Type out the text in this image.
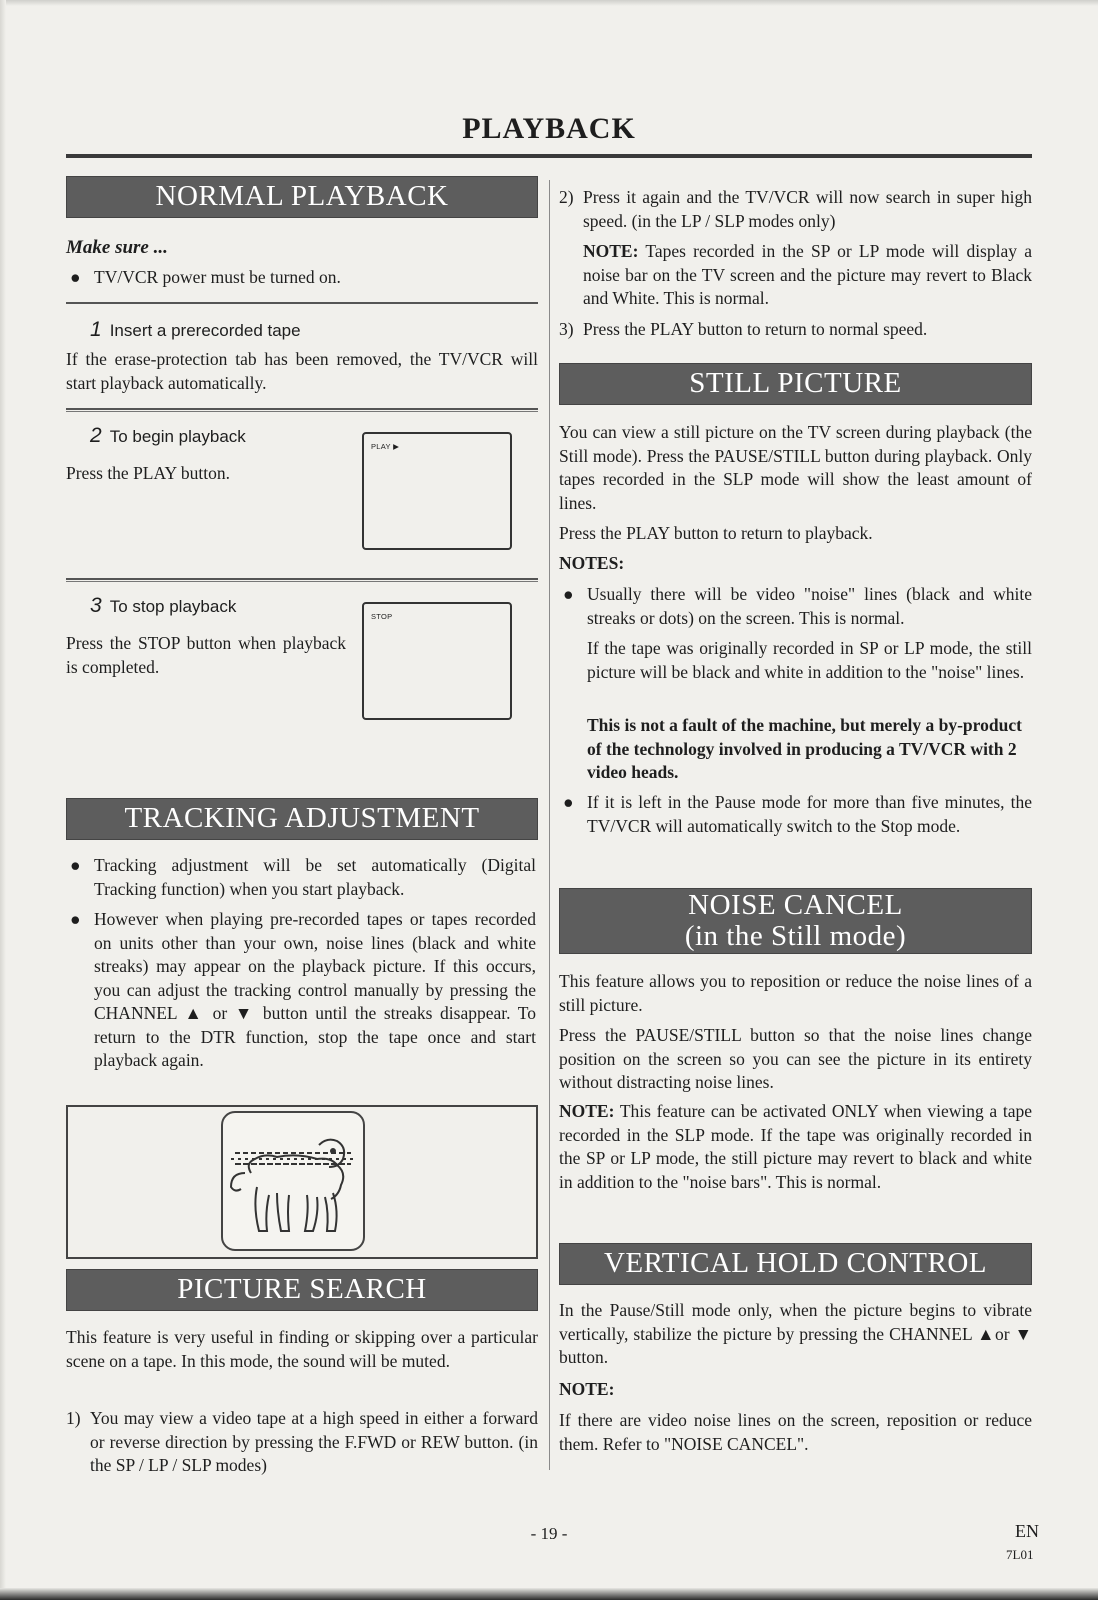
PLAYBACK
NORMAL PLAYBACK
Make sure ...
● TV/VCR power must be turned on.
1 Insert a prerecorded tape

If the erase-protection tab has been removed, the TV/VCR will start playback automatically.

2 To begin playback

Press the PLAY button.

PLAY ▶
3 To stop playback

Press the STOP button when playback is completed.

STOP
TRACKING ADJUSTMENT
● Tracking adjustment will be set automatically (Digital Tracking function) when you start playback.
● However when playing pre-recorded tapes or tapes recorded on units other than your own, noise lines (black and white streaks) may appear on the playback picture. If this occurs, you can adjust the tracking control manually by pressing the CHANNEL ▲ or ▼ button until the streaks disappear. To return to the DTR function, stop the tape once and start playback again.
PICTURE SEARCH

This feature is very useful in finding or skipping over a particular scene on a tape. In this mode, the sound will be muted.

1) You may view a video tape at a high speed in either a forward or reverse direction by pressing the F.FWD or REW button. (in the SP / LP / SLP modes)
2) Press it again and the TV/VCR will now search in super high speed. (in the LP / SLP modes only)

NOTE: Tapes recorded in the SP or LP mode will display a noise bar on the TV screen and the picture may revert to Black and White. This is normal.

3) Press the PLAY button to return to normal speed.
STILL PICTURE

You can view a still picture on the TV screen during playback (the Still mode). Press the PAUSE/STILL button during playback. Only tapes recorded in the SLP mode will show the least amount of lines.

Press the PLAY button to return to playback.

NOTES:
● Usually there will be video "noise" lines (black and white streaks or dots) on the screen. This is normal.

If the tape was originally recorded in SP or LP mode, the still picture will be black and white in addition to the "noise" lines.

This is not a fault of the machine, but merely a by-product of the technology involved in producing a TV/VCR with 2 video heads.

● If it is left in the Pause mode for more than five minutes, the TV/VCR will automatically switch to the Stop mode.
NOISE CANCEL
(in the Still mode)

This feature allows you to reposition or reduce the noise lines of a still picture.

Press the PAUSE/STILL button so that the noise lines change position on the screen so you can see the picture in its entirety without distracting noise lines.

NOTE: This feature can be activated ONLY when viewing a tape recorded in the SLP mode. If the tape was originally recorded in the SP or LP mode, the still picture may revert to black and white in addition to the "noise bars". This is normal.

VERTICAL HOLD CONTROL

In the Pause/Still mode only, when the picture begins to vibrate vertically, stabilize the picture by pressing the CHANNEL ▲or ▼ button.

NOTE:

If there are video noise lines on the screen, reposition or reduce them. Refer to "NOISE CANCEL".

- 19 -	EN
7L01
